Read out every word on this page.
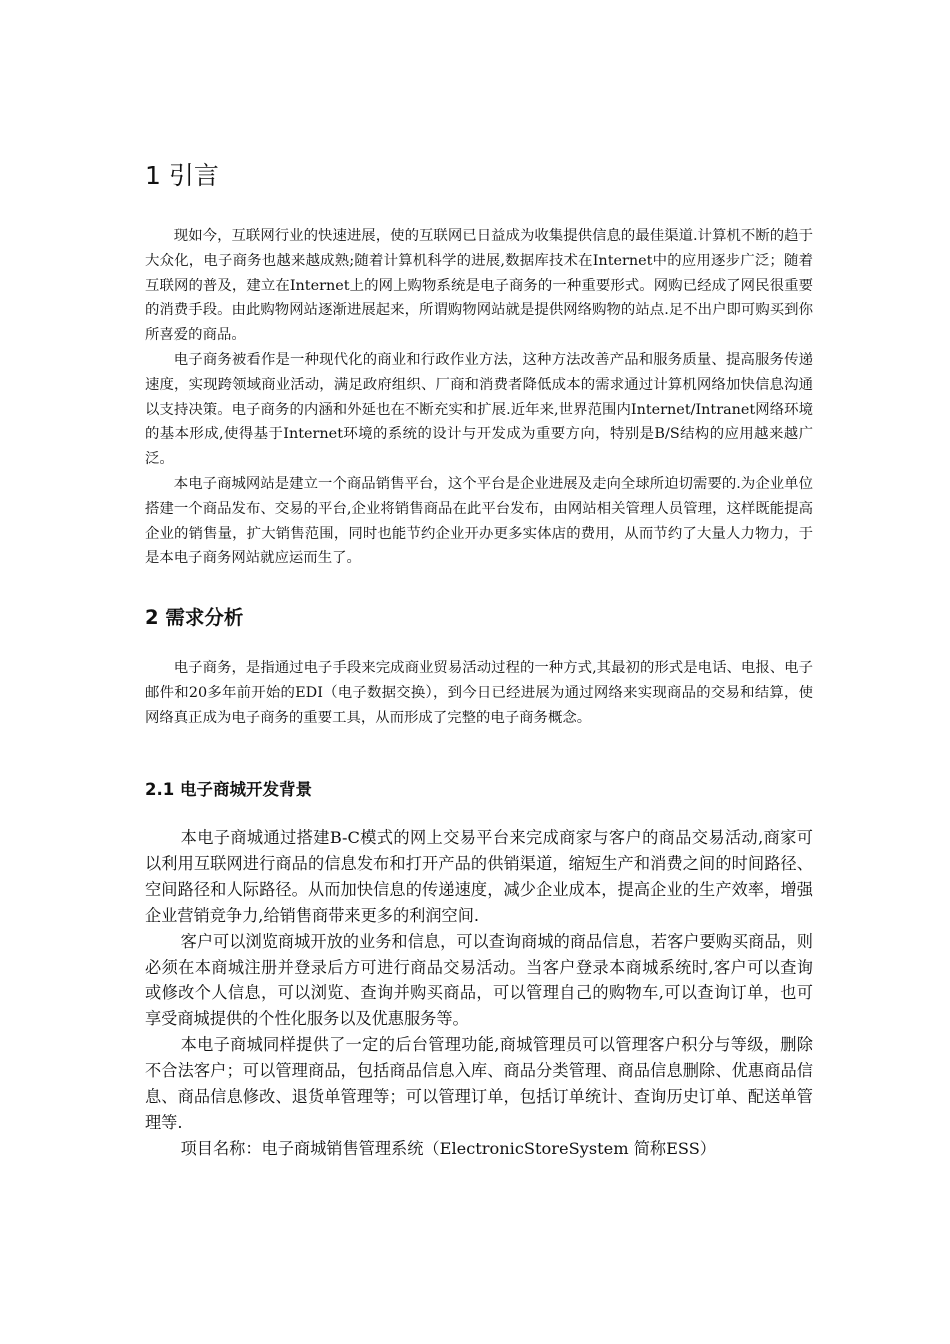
1 引言

现如今，互联网行业的快速进展，使的互联网已日益成为收集提供信息的最佳渠道.计算机不断的趋于大众化，电子商务也越来越成熟;随着计算机科学的进展,数据库技术在Internet中的应用逐步广泛；随着互联网的普及，建立在Internet上的网上购物系统是电子商务的一种重要形式。网购已经成了网民很重要的消费手段。由此购物网站逐渐进展起来，所谓购物网站就是提供网络购物的站点.足不出户即可购买到你所喜爱的商品。

电子商务被看作是一种现代化的商业和行政作业方法，这种方法改善产品和服务质量、提高服务传递速度，实现跨领域商业活动，满足政府组织、厂商和消费者降低成本的需求通过计算机网络加快信息沟通以支持决策。电子商务的内涵和外延也在不断充实和扩展.近年来,世界范围内Internet/Intranet网络环境的基本形成,使得基于Internet环境的系统的设计与开发成为重要方向，特别是B/S结构的应用越来越广泛。

本电子商城网站是建立一个商品销售平台，这个平台是企业进展及走向全球所迫切需要的.为企业单位搭建一个商品发布、交易的平台,企业将销售商品在此平台发布，由网站相关管理人员管理，这样既能提高企业的销售量，扩大销售范围，同时也能节约企业开办更多实体店的费用，从而节约了大量人力物力，于是本电子商务网站就应运而生了。

2 需求分析

电子商务，是指通过电子手段来完成商业贸易活动过程的一种方式,其最初的形式是电话、电报、电子邮件和20多年前开始的EDI（电子数据交换），到今日已经进展为通过网络来实现商品的交易和结算，使网络真正成为电子商务的重要工具，从而形成了完整的电子商务概念。

2.1 电子商城开发背景

本电子商城通过搭建B-C模式的网上交易平台来完成商家与客户的商品交易活动,商家可以利用互联网进行商品的信息发布和打开产品的供销渠道，缩短生产和消费之间的时间路径、空间路径和人际路径。从而加快信息的传递速度，减少企业成本，提高企业的生产效率，增强企业营销竞争力,给销售商带来更多的利润空间.

客户可以浏览商城开放的业务和信息，可以查询商城的商品信息，若客户要购买商品，则必须在本商城注册并登录后方可进行商品交易活动。当客户登录本商城系统时,客户可以查询或修改个人信息，可以浏览、查询并购买商品，可以管理自己的购物车,可以查询订单，也可享受商城提供的个性化服务以及优惠服务等。

本电子商城同样提供了一定的后台管理功能,商城管理员可以管理客户积分与等级，删除不合法客户；可以管理商品，包括商品信息入库、商品分类管理、商品信息删除、优惠商品信息、商品信息修改、退货单管理等；可以管理订单，包括订单统计、查询历史订单、配送单管理等.

项目名称：电子商城销售管理系统（ElectronicStoreSystem 简称ESS）
